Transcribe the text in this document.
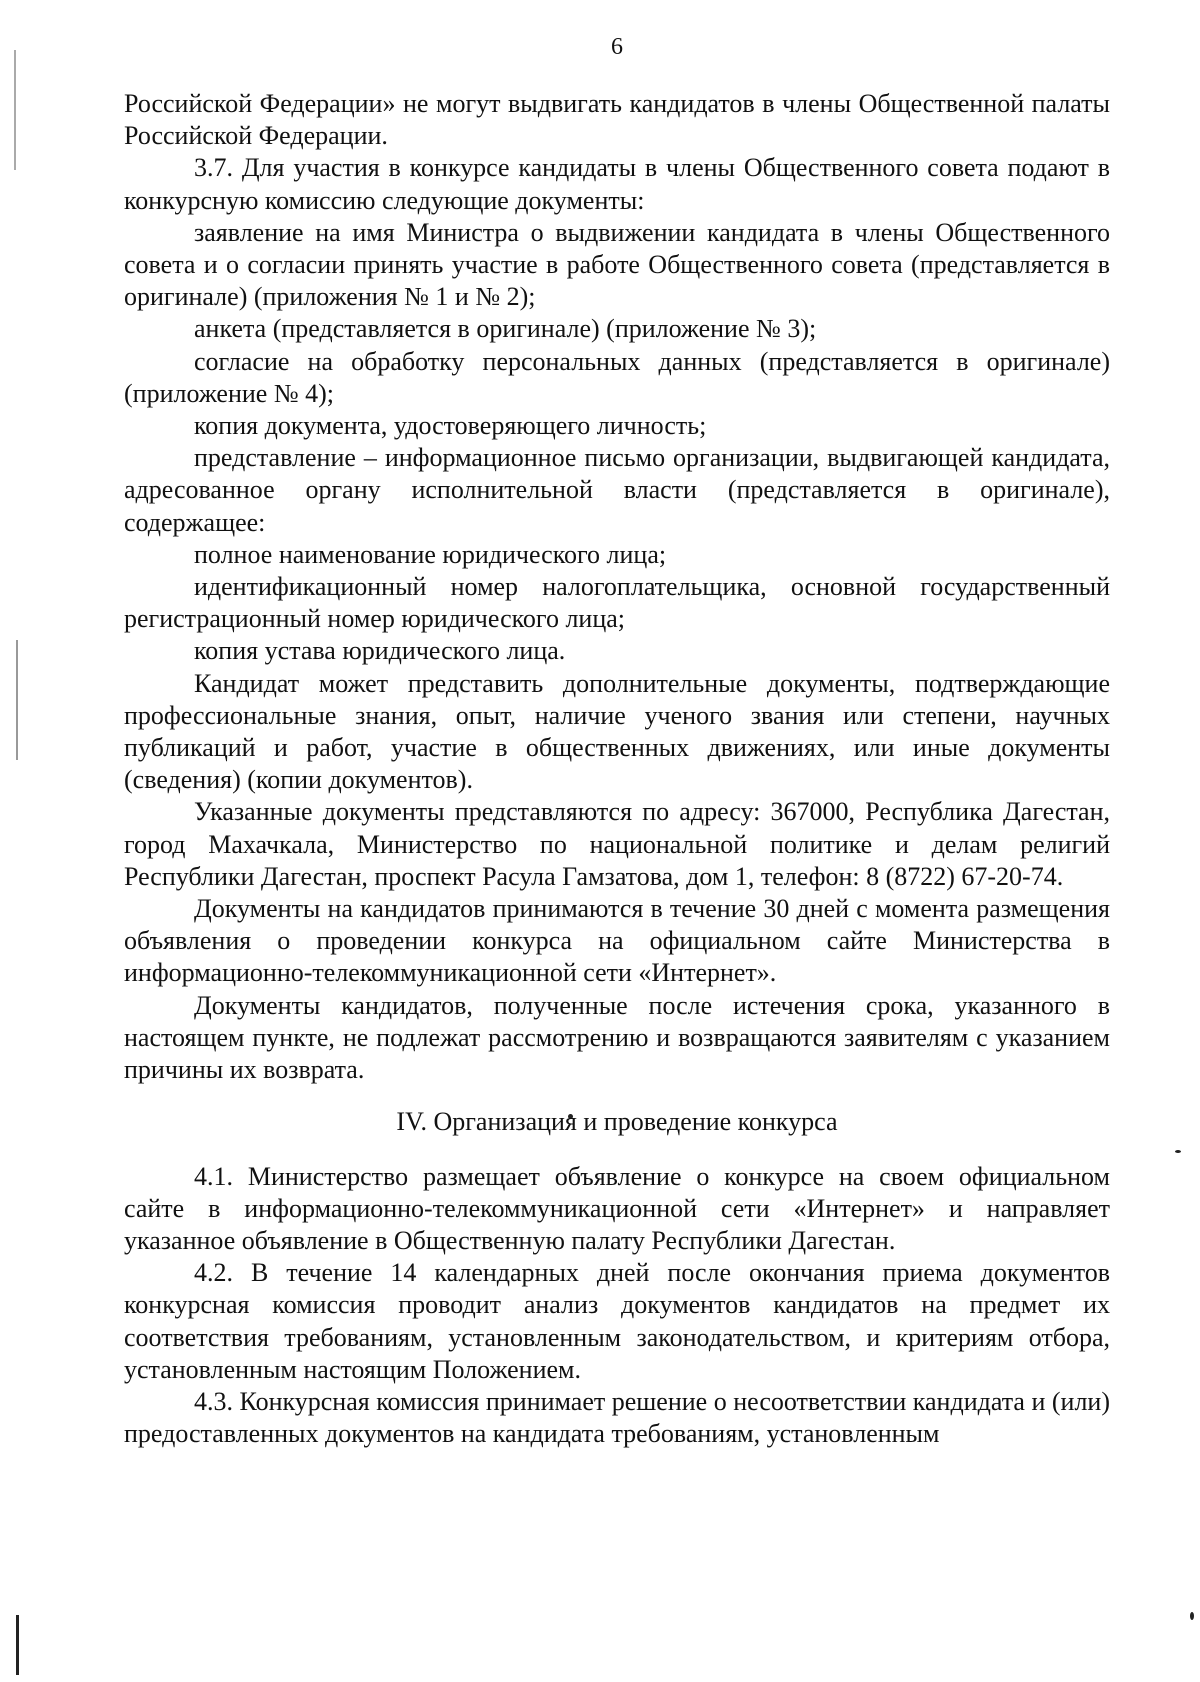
6

Российской Федерации» не могут выдвигать кандидатов в члены Общественной палаты Российской Федерации.

3.7. Для участия в конкурсе кандидаты в члены Общественного совета подают в конкурсную комиссию следующие документы:

заявление на имя Министра о выдвижении кандидата в члены Общественного совета и о согласии принять участие в работе Общественного совета (представляется в оригинале) (приложения № 1 и № 2);

анкета (представляется в оригинале) (приложение № 3);

согласие на обработку персональных данных (представляется в оригинале) (приложение № 4);

копия документа, удостоверяющего личность;

представление – информационное письмо организации, выдвигающей кандидата, адресованное органу исполнительной власти (представляется в оригинале), содержащее:

полное наименование юридического лица;

идентификационный номер налогоплательщика, основной государственный регистрационный номер юридического лица;

копия устава юридического лица.

Кандидат может представить дополнительные документы, подтверждающие профессиональные знания, опыт, наличие ученого звания или степени, научных публикаций и работ, участие в общественных движениях, или иные документы (сведения) (копии документов).

Указанные документы представляются по адресу: 367000, Республика Дагестан, город Махачкала, Министерство по национальной политике и делам религий Республики Дагестан, проспект Расула Гамзатова, дом 1, телефон: 8 (8722) 67-20-74.

Документы на кандидатов принимаются в течение 30 дней с момента размещения объявления о проведении конкурса на официальном сайте Министерства в информационно-телекоммуникационной сети «Интернет».

Документы кандидатов, полученные после истечения срока, указанного в настоящем пункте, не подлежат рассмотрению и возвращаются заявителям с указанием причины их возврата.

IV. Организация и проведение конкурса

4.1. Министерство размещает объявление о конкурсе на своем официальном сайте в информационно-телекоммуникационной сети «Интернет» и направляет указанное объявление в Общественную палату Республики Дагестан.

4.2. В течение 14 календарных дней после окончания приема документов конкурсная комиссия проводит анализ документов кандидатов на предмет их соответствия требованиям, установленным законодательством, и критериям отбора, установленным настоящим Положением.

4.3. Конкурсная комиссия принимает решение о несоответствии кандидата и (или) предоставленных документов на кандидата требованиям, установленным
